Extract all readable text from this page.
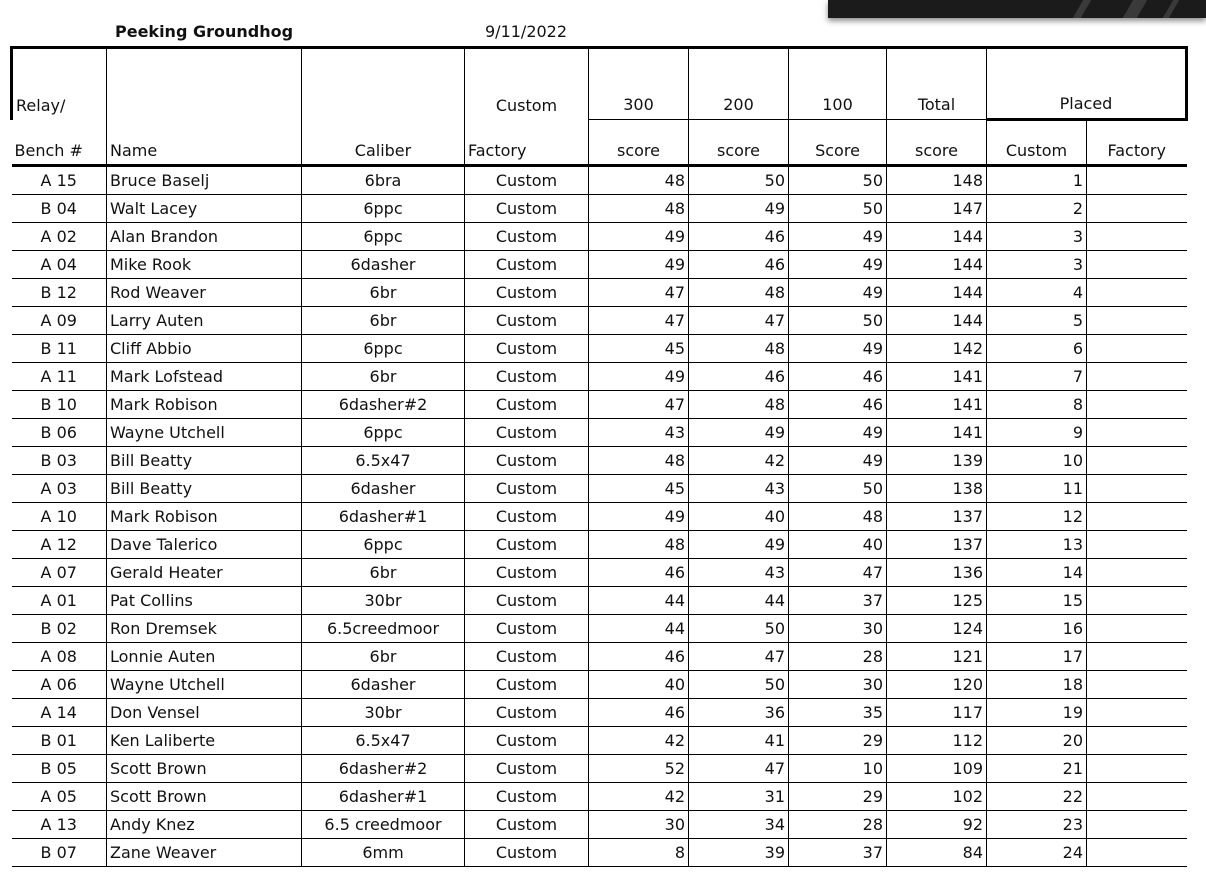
Peeking Groundhog	9/11/2022
Relay/			Custom	300	200	100	Total	Placed	
Bench #	Name	Caliber	Factory	score	score	Score	score	Custom	Factory
A 15	Bruce Baselj	6bra	Custom	48	50	50	148	1	
B 04	Walt Lacey	6ppc	Custom	48	49	50	147	2	
A 02	Alan Brandon	6ppc	Custom	49	46	49	144	3	
A 04	Mike Rook	6dasher	Custom	49	46	49	144	3	
B 12	Rod Weaver	6br	Custom	47	48	49	144	4	
A 09	Larry Auten	6br	Custom	47	47	50	144	5	
B 11	Cliff Abbio	6ppc	Custom	45	48	49	142	6	
A 11	Mark Lofstead	6br	Custom	49	46	46	141	7	
B 10	Mark Robison	6dasher#2	Custom	47	48	46	141	8	
B 06	Wayne Utchell	6ppc	Custom	43	49	49	141	9	
B 03	Bill Beatty	6.5x47	Custom	48	42	49	139	10	
A 03	Bill Beatty	6dasher	Custom	45	43	50	138	11	
A 10	Mark Robison	6dasher#1	Custom	49	40	48	137	12	
A 12	Dave Talerico	6ppc	Custom	48	49	40	137	13	
A 07	Gerald Heater	6br	Custom	46	43	47	136	14	
A 01	Pat Collins	30br	Custom	44	44	37	125	15	
B 02	Ron Dremsek	6.5creedmoor	Custom	44	50	30	124	16	
A 08	Lonnie Auten	6br	Custom	46	47	28	121	17	
A 06	Wayne Utchell	6dasher	Custom	40	50	30	120	18	
A 14	Don Vensel	30br	Custom	46	36	35	117	19	
B 01	Ken Laliberte	6.5x47	Custom	42	41	29	112	20	
B 05	Scott Brown	6dasher#2	Custom	52	47	10	109	21	
A 05	Scott Brown	6dasher#1	Custom	42	31	29	102	22	
A 13	Andy Knez	6.5 creedmoor	Custom	30	34	28	92	23	
B 07	Zane Weaver	6mm	Custom	8	39	37	84	24	
